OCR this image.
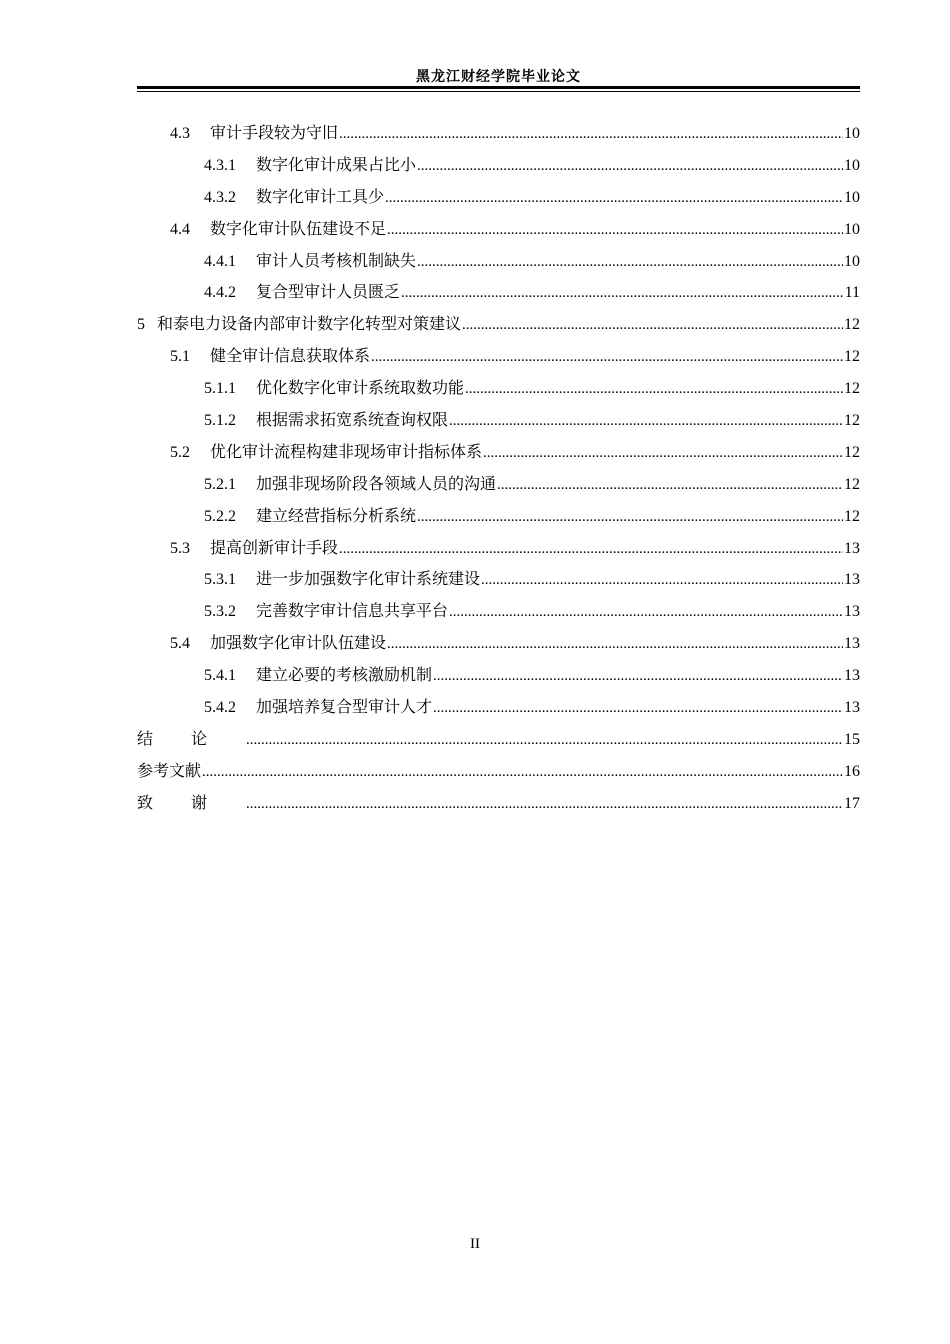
黑龙江财经学院毕业论文
4.3 审计手段较为守旧 .....	10
4.3.1 数字化审计成果占比小 .....	10
4.3.2 数字化审计工具少 .....	10
4.4 数字化审计队伍建设不足 .....	10
4.4.1 审计人员考核机制缺失 .....	10
4.4.2 复合型审计人员匮乏 .....	11
5 和泰电力设备内部审计数字化转型对策建议 .....	12
5.1 健全审计信息获取体系 .....	12
5.1.1 优化数字化审计系统取数功能 .....	12
5.1.2 根据需求拓宽系统查询权限 .....	12
5.2 优化审计流程构建非现场审计指标体系 .....	12
5.2.1 加强非现场阶段各领域人员的沟通 .....	12
5.2.2 建立经营指标分析系统 .....	12
5.3 提高创新审计手段 .....	13
5.3.1 进一步加强数字化审计系统建设 .....	13
5.3.2 完善数字审计信息共享平台 .....	13
5.4 加强数字化审计队伍建设 .....	13
5.4.1 建立必要的考核激励机制 .....	13
5.4.2 加强培养复合型审计人才 .....	13
结论 .....	15
参考文献 .....	16
致谢 .....	17
II
